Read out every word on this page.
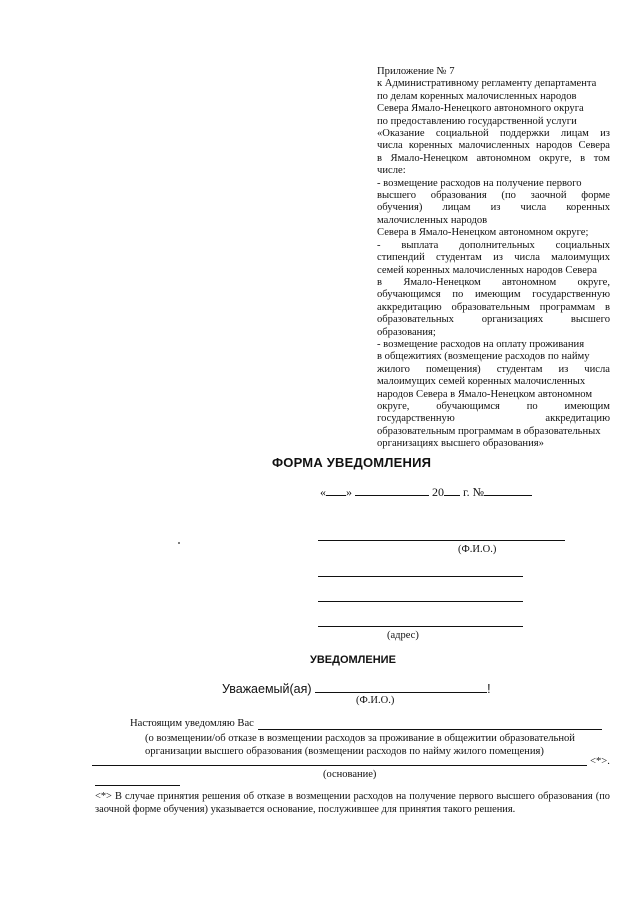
Приложение № 7
к Административному регламенту департамента
по делам коренных малочисленных народов
Севера Ямало-Ненецкого автономного округа
по предоставлению государственной услуги
«Оказание социальной поддержки лицам из
числа коренных малочисленных народов Севера
в Ямало-Ненецком автономном округе, в том
числе:
- возмещение расходов на получение первого
высшего образования (по заочной форме
обучения) лицам из числа коренных
малочисленных народов
Севера в Ямало-Ненецком автономном округе;
- выплата дополнительных социальных
стипендий студентам из числа малоимущих
семей коренных малочисленных народов Севера
в Ямало-Ненецком автономном округе,
обучающимся по имеющим государственную
аккредитацию образовательным программам в
образовательных организациях высшего
образования;
- возмещение расходов на оплату проживания
в общежитиях (возмещение расходов по найму
жилого помещения) студентам из числа
малоимущих семей коренных малочисленных
народов Севера в Ямало-Ненецком автономном
округе, обучающимся по имеющим
государственную аккредитацию
образовательным программам в образовательных
организациях высшего образования»
ФОРМА УВЕДОМЛЕНИЯ
« »	20 г. №
(Ф.И.О.)
(адрес)
УВЕДОМЛЕНИЕ
Уважаемый(ая)	!
(Ф.И.О.)
Настоящим уведомляю Вас
(о возмещении/об отказе в возмещении расходов за проживание в общежитии образовательной
организации высшего образования (возмещении расходов по найму жилого помещения)
<*>.
(основание)
<*> В случае принятия решения об отказе в возмещении расходов на получение первого высшего образования (по заочной форме обучения) указывается основание, послужившее для принятия такого решения.
